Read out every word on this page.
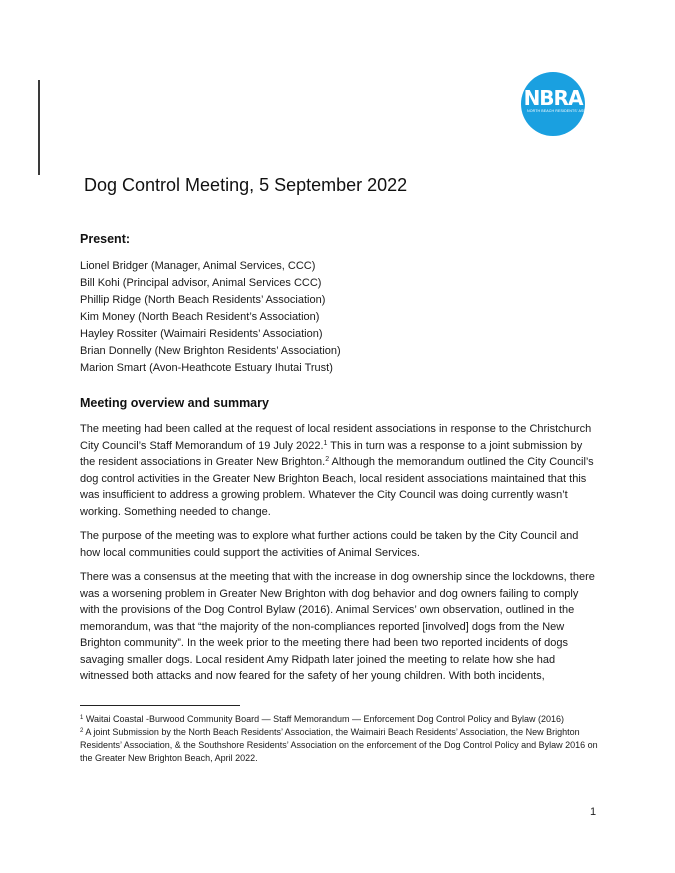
NBRA
NORTH BEACH RESIDENTS' ASSOCIATION
Dog Control Meeting, 5 September 2022
Present:
Lionel Bridger (Manager, Animal Services, CCC)
Bill Kohi (Principal advisor, Animal Services CCC)
Phillip Ridge (North Beach Residents’ Association)
Kim Money (North Beach Resident’s Association)
Hayley Rossiter (Waimairi Residents’ Association)
Brian Donnelly (New Brighton Residents’ Association)
Marion Smart (Avon-Heathcote Estuary Ihutai Trust)
Meeting overview and summary

The meeting had been called at the request of local resident associations in response to the Christchurch City Council’s Staff Memorandum of 19 July 2022.$^1$ This in turn was a response to a joint submission by the resident associations in Greater New Brighton.$^2$ Although the memorandum outlined the City Council’s dog control activities in the Greater New Brighton Beach, local resident associations maintained that this was insufficient to address a growing problem. Whatever the City Council was doing currently wasn’t working. Something needed to change.

The purpose of the meeting was to explore what further actions could be taken by the City Council and how local communities could support the activities of Animal Services.

There was a consensus at the meeting that with the increase in dog ownership since the lockdowns, there was a worsening problem in Greater New Brighton with dog behavior and dog owners failing to comply with the provisions of the Dog Control Bylaw (2016). Animal Services’ own observation, outlined in the memorandum, was that “the majority of the non-compliances reported [involved] dogs from the New Brighton community”. In the week prior to the meeting there had been two reported incidents of dogs savaging smaller dogs. Local resident Amy Ridpath later joined the meeting to relate how she had witnessed both attacks and now feared for the safety of her young children. With both incidents,

$^1$ Waitai Coastal -Burwood Community Board — Staff Memorandum — Enforcement Dog Control Policy and Bylaw (2016)

$^2$ A joint Submission by the North Beach Residents’ Association, the Waimairi Beach Residents’ Association, the New Brighton Residents’ Association, & the Southshore Residents’ Association on the enforcement of the Dog Control Policy and Bylaw 2016 on the Greater New Brighton Beach, April 2022.

1
